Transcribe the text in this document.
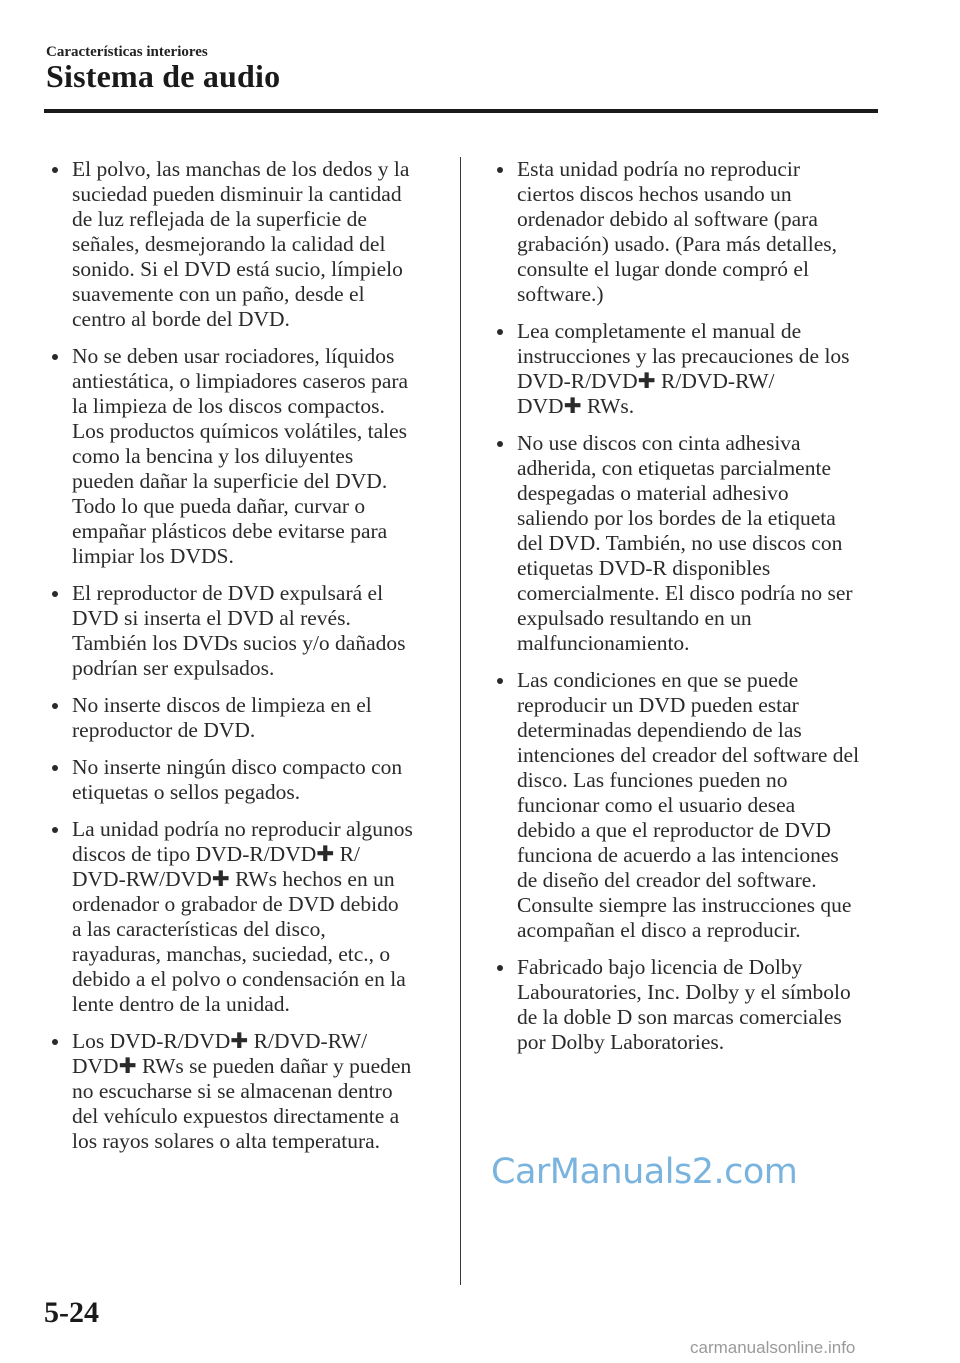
Características interiores
Sistema de audio
El polvo, las manchas de los dedos y la
suciedad pueden disminuir la cantidad
de luz reflejada de la superficie de
señales, desmejorando la calidad del
sonido. Si el DVD está sucio, límpielo
suavemente con un paño, desde el
centro al borde del DVD.
No se deben usar rociadores, líquidos
antiestática, o limpiadores caseros para
la limpieza de los discos compactos.
Los productos químicos volátiles, tales
como la bencina y los diluyentes
pueden dañar la superficie del DVD.
Todo lo que pueda dañar, curvar o
empañar plásticos debe evitarse para
limpiar los DVDS.
El reproductor de DVD expulsará el
DVD si inserta el DVD al revés.
También los DVDs sucios y/o dañados
podrían ser expulsados.
No inserte discos de limpieza en el
reproductor de DVD.
No inserte ningún disco compacto con
etiquetas o sellos pegados.
La unidad podría no reproducir algunos
discos de tipo DVD-R/DVD✚ R/
DVD-RW/DVD✚ RWs hechos en un
ordenador o grabador de DVD debido
a las características del disco,
rayaduras, manchas, suciedad, etc., o
debido a el polvo o condensación en la
lente dentro de la unidad.
Los DVD-R/DVD✚ R/DVD-RW/
DVD✚ RWs se pueden dañar y pueden
no escucharse si se almacenan dentro
del vehículo expuestos directamente a
los rayos solares o alta temperatura.
Esta unidad podría no reproducir
ciertos discos hechos usando un
ordenador debido al software (para
grabación) usado. (Para más detalles,
consulte el lugar donde compró el
software.)
Lea completamente el manual de
instrucciones y las precauciones de los
DVD-R/DVD✚ R/DVD-RW/
DVD✚ RWs.
No use discos con cinta adhesiva
adherida, con etiquetas parcialmente
despegadas o material adhesivo
saliendo por los bordes de la etiqueta
del DVD. También, no use discos con
etiquetas DVD-R disponibles
comercialmente. El disco podría no ser
expulsado resultando en un
malfuncionamiento.
Las condiciones en que se puede
reproducir un DVD pueden estar
determinadas dependiendo de las
intenciones del creador del software del
disco. Las funciones pueden no
funcionar como el usuario desea
debido a que el reproductor de DVD
funciona de acuerdo a las intenciones
de diseño del creador del software.
Consulte siempre las instrucciones que
acompañan el disco a reproducir.
Fabricado bajo licencia de Dolby
Labouratories, Inc. Dolby y el símbolo
de la doble D son marcas comerciales
por Dolby Laboratories.
CarManuals2.com
5-24
carmanualsonline.info
